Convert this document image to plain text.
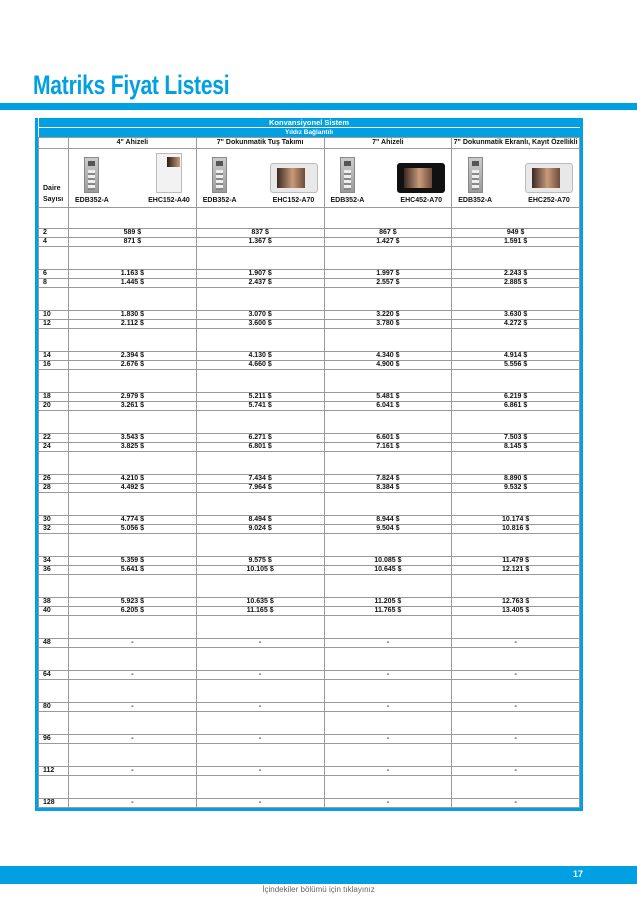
Matriks Fiyat Listesi
Konvansiyonel Sistem				
Yıldız Bağlantılı				
	4" Ahizeli	7" Dokunmatik Tuş Takımı	7" Ahizeli	7" Dokunmatik Ekranlı, Kayıt Özellikli
Daire
Sayısı	EDB352-A EHC152-A40	EDB352-A EHC152-A70	EDB352-A EHC452-A70	EDB352-A EHC252-A70

2	589 $	837 $	867 $	949 $
4	871 $	1.367 $	1.427 $	1.591 $

6	1.163 $	1.907 $	1.997 $	2.243 $
8	1.445 $	2.437 $	2.557 $	2.885 $

10	1.830 $	3.070 $	3.220 $	3.630 $
12	2.112 $	3.600 $	3.780 $	4.272 $

14	2.394 $	4.130 $	4.340 $	4.914 $
16	2.676 $	4.660 $	4.900 $	5.556 $

18	2.979 $	5.211 $	5.481 $	6.219 $
20	3.261 $	5.741 $	6.041 $	6.861 $

22	3.543 $	6.271 $	6.601 $	7.503 $
24	3.825 $	6.801 $	7.161 $	8.145 $

26	4.210 $	7.434 $	7.824 $	8.890 $
28	4.492 $	7.964 $	8.384 $	9.532 $

30	4.774 $	8.494 $	8.944 $	10.174 $
32	5.056 $	9.024 $	9.504 $	10.816 $

34	5.359 $	9.575 $	10.085 $	11.479 $
36	5.641 $	10.105 $	10.645 $	12.121 $

38	5.923 $	10.635 $	11.205 $	12.763 $
40	6.205 $	11.165 $	11.765 $	13.405 $

48	-	-	-	-

64	-	-	-	-

80	-	-	-	-

96	-	-	-	-

112	-	-	-	-

128	-	-	-	-
17
İçindekiler bölümü için tıklayınız
